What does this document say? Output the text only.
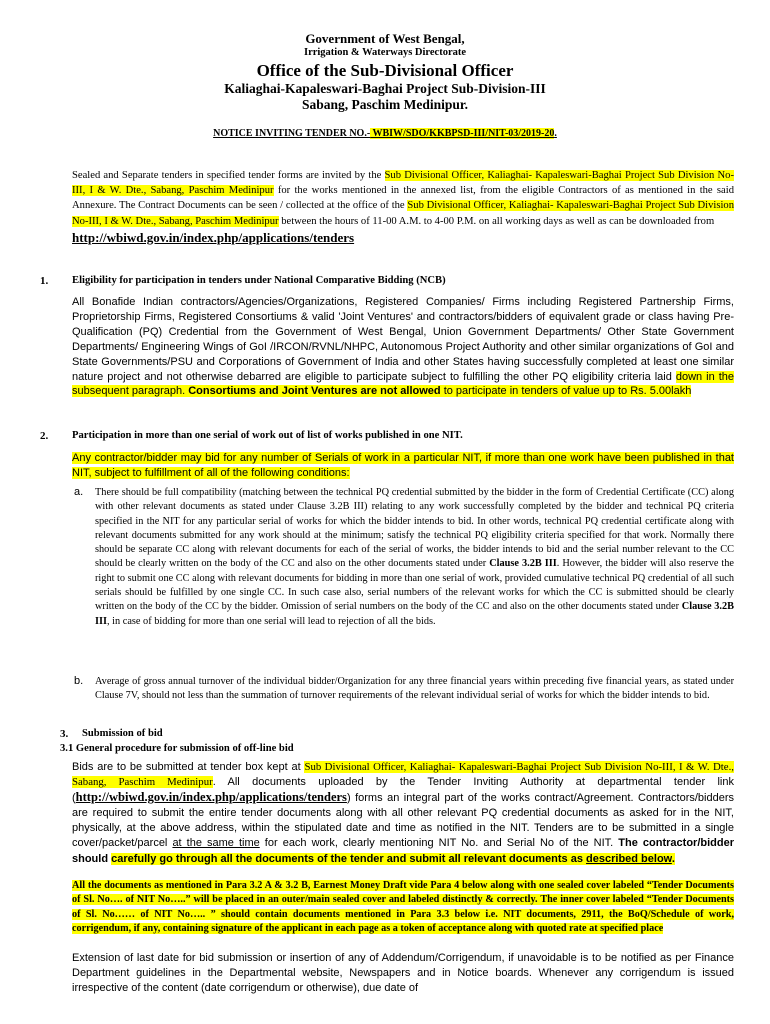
Government of West Bengal,
Irrigation & Waterways Directorate
Office of the Sub-Divisional Officer
Kaliaghai-Kapaleswari-Baghai Project Sub-Division-III
Sabang, Paschim Medinipur.
NOTICE INVITING TENDER NO.- WBIW/SDO/KKBPSD-III/NIT-03/2019-20.
Sealed and Separate tenders in specified tender forms are invited by the Sub Divisional Officer, Kaliaghai- Kapaleswari-Baghai Project Sub Division No-III, I & W. Dte., Sabang, Paschim Medinipur for the works mentioned in the annexed list, from the eligible Contractors of as mentioned in the said Annexure. The Contract Documents can be seen / collected at the office of the Sub Divisional Officer, Kaliaghai- Kapaleswari-Baghai Project Sub Division No-III, I & W. Dte., Sabang, Paschim Medinipur between the hours of 11-00 A.M. to 4-00 P.M. on all working days as well as can be downloaded from
http://wbiwd.gov.in/index.php/applications/tenders
1. Eligibility for participation in tenders under National Comparative Bidding (NCB)
All Bonafide Indian contractors/Agencies/Organizations, Registered Companies/ Firms including Registered Partnership Firms, Proprietorship Firms, Registered Consortiums & valid 'Joint Ventures' and contractors/bidders of equivalent grade or class having Pre-Qualification (PQ) Credential from the Government of West Bengal, Union Government Departments/ Other State Government Departments/ Engineering Wings of GoI /IRCON/RVNL/NHPC, Autonomous Project Authority and other similar organizations of GoI and State Governments/PSU and Corporations of Government of India and other States having successfully completed at least one similar nature project and not otherwise debarred are eligible to participate subject to fulfilling the other PQ eligibility criteria laid down in the subsequent paragraph. Consortiums and Joint Ventures are not allowed to participate in tenders of value up to Rs. 5.00lakh
2. Participation in more than one serial of work out of list of works published in one NIT.
Any contractor/bidder may bid for any number of Serials of work in a particular NIT, if more than one work have been published in that NIT, subject to fulfillment of all of the following conditions:
a. There should be full compatibility (matching between the technical PQ credential submitted by the bidder in the form of Credential Certificate (CC) along with other relevant documents as stated under Clause 3.2B III) relating to any work successfully completed by the bidder and technical PQ criteria specified in the NIT for any particular serial of works for which the bidder intends to bid. In other words, technical PQ credential certificate along with relevant documents submitted for any work should at the minimum; satisfy the technical PQ eligibility criteria specified for that work. Normally there should be separate CC along with relevant documents for each of the serial of works, the bidder intends to bid and the serial number relevant to the CC should be clearly written on the body of the CC and also on the other documents stated under Clause 3.2B III. However, the bidder will also reserve the right to submit one CC along with relevant documents for bidding in more than one serial of work, provided cumulative technical PQ credential of all such serials should be fulfilled by one single CC. In such case also, serial numbers of the relevant works for which the CC is submitted should be clearly written on the body of the CC by the bidder. Omission of serial numbers on the body of the CC and also on the other documents stated under Clause 3.2B III, in case of bidding for more than one serial will lead to rejection of all the bids.
b. Average of gross annual turnover of the individual bidder/Organization for any three financial years within preceding five financial years, as stated under Clause 7V, should not less than the summation of turnover requirements of the relevant individual serial of works for which the bidder intends to bid.
3. Submission of bid
3.1 General procedure for submission of off-line bid
Bids are to be submitted at tender box kept at Sub Divisional Officer, Kaliaghai- Kapaleswari-Baghai Project Sub Division No-III, I & W. Dte., Sabang, Paschim Medinipur. All documents uploaded by the Tender Inviting Authority at departmental tender link (http://wbiwd.gov.in/index.php/applications/tenders) forms an integral part of the works contract/Agreement. Contractors/bidders are required to submit the entire tender documents along with all other relevant PQ credential documents as asked for in the NIT, physically, at the above address, within the stipulated date and time as notified in the NIT. Tenders are to be submitted in a single cover/packet/parcel at the same time for each work, clearly mentioning NIT No. and Serial No of the NIT. The contractor/bidder should carefully go through all the documents of the tender and submit all relevant documents as described below.
All the documents as mentioned in Para 3.2 A & 3.2 B, Earnest Money Draft vide Para 4 below along with one sealed cover labeled “Tender Documents of Sl. No…. of NIT No…..” will be placed in an outer/main sealed cover and labeled distinctly & correctly. The inner cover labeled “Tender Documents of Sl. No…… of NIT No….. ” should contain documents mentioned in Para 3.3 below i.e. NIT documents, 2911, the BoQ/Schedule of work, corrigendum, if any, containing signature of the applicant in each page as a token of acceptance along with quoted rate at specified place
Extension of last date for bid submission or insertion of any of Addendum/Corrigendum, if unavoidable is to be notified as per Finance Department guidelines in the Departmental website, Newspapers and in Notice boards. Whenever any corrigendum is issued irrespective of the content (date corrigendum or otherwise), due date of
